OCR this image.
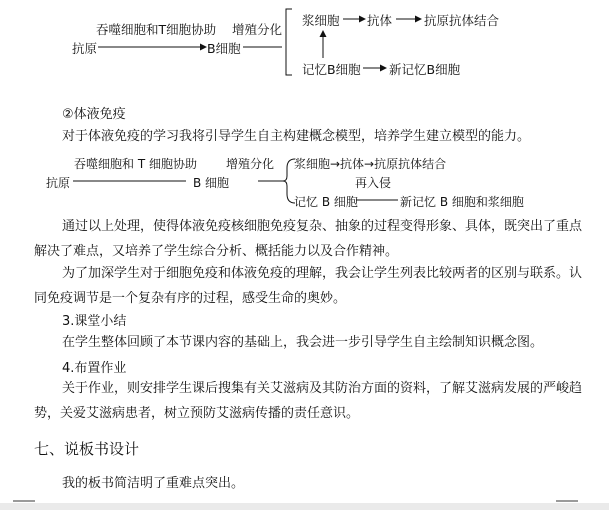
吞噬细胞和T细胞协助
抗原	B细胞
增殖分化
浆细胞 抗体	抗原抗体结合
记忆B细胞 新记忆B细胞
②体液免疫
对于体液免疫的学习我将引导学生自主构建概念模型，培养学生建立模型的能力。
吞噬细胞和 T 细胞协助
抗原	B 细胞
增殖分化 浆细胞→抗体→抗原抗体结合
再入侵
记忆 B 细胞	新记忆 B 细胞和浆细胞
通过以上处理，使得体液免疫核细胞免疫复杂、抽象的过程变得形象、具体，既突出了重点解决了难点，又培养了学生综合分析、概括能力以及合作精神。
为了加深学生对于细胞免疫和体液免疫的理解，我会让学生列表比较两者的区别与联系。认同免疫调节是一个复杂有序的过程，感受生命的奥妙。
3.课堂小结
在学生整体回顾了本节课内容的基础上，我会进一步引导学生自主绘制知识概念图。
4.布置作业
关于作业，则安排学生课后搜集有关艾滋病及其防治方面的资料，了解艾滋病发展的严峻趋势，关爱艾滋病患者，树立预防艾滋病传播的责任意识。
七、说板书设计
我的板书简洁明了重难点突出。
